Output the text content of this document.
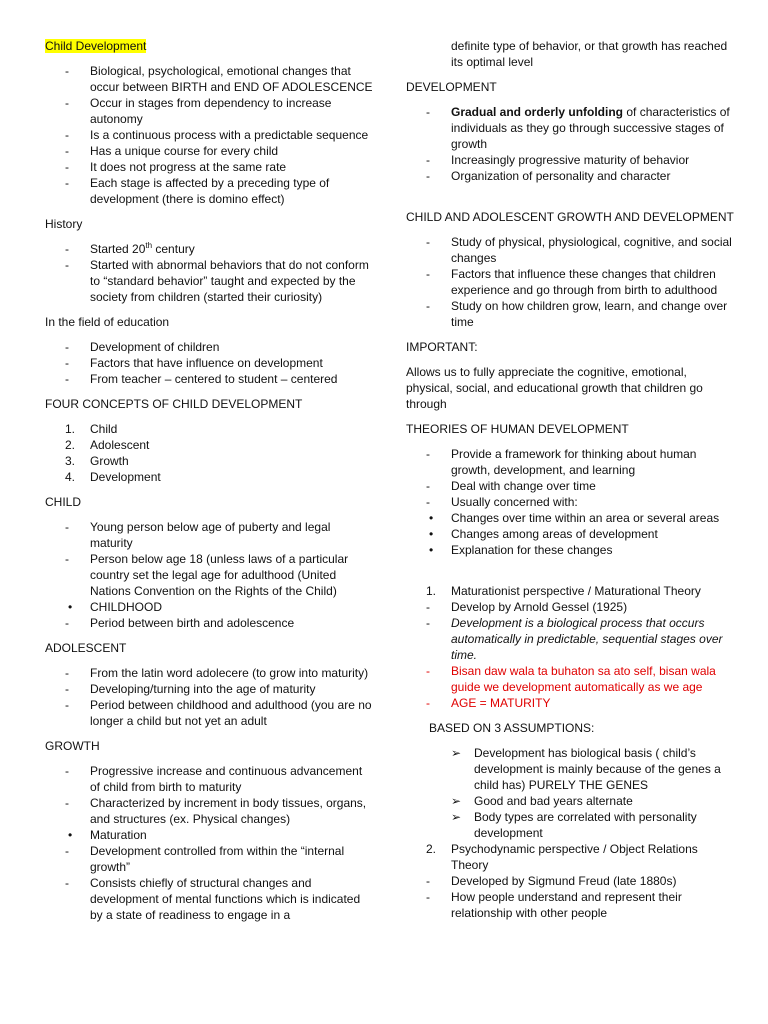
Child Development
- Biological, psychological, emotional changes that occur between BIRTH and END OF ADOLESCENCE
- Occur in stages from dependency to increase autonomy
- Is a continuous process with a predictable sequence
- Has a unique course for every child
- It does not progress at the same rate
- Each stage is affected by a preceding type of development (there is domino effect)
History
- Started 20th century
- Started with abnormal behaviors that do not conform to “standard behavior” taught and expected by the society from children (started their curiosity)
In the field of education
- Development of children
- Factors that have influence on development
- From teacher – centered to student – centered
FOUR CONCEPTS OF CHILD DEVELOPMENT
1. Child
2. Adolescent
3. Growth
4. Development
CHILD
- Young person below age of puberty and legal maturity
- Person below age 18 (unless laws of a particular country set the legal age for adulthood (United Nations Convention on the Rights of the Child)
• CHILDHOOD
- Period between birth and adolescence
ADOLESCENT
- From the latin word adolecere (to grow into maturity)
- Developing/turning into the age of maturity
- Period between childhood and adulthood (you are no longer a child but not yet an adult
GROWTH
- Progressive increase and continuous advancement of child from birth to maturity
- Characterized by increment in body tissues, organs, and structures (ex. Physical changes)
• Maturation
- Development controlled from within the “internal growth”
- Consists chiefly of structural changes and development of mental functions which is indicated by a state of readiness to engage in a
definite type of behavior, or that growth has reached its optimal level
DEVELOPMENT
- Gradual and orderly unfolding of characteristics of individuals as they go through successive stages of growth
- Increasingly progressive maturity of behavior
- Organization of personality and character
CHILD AND ADOLESCENT GROWTH AND DEVELOPMENT
- Study of physical, physiological, cognitive, and social changes
- Factors that influence these changes that children experience and go through from birth to adulthood
- Study on how children grow, learn, and change over time
IMPORTANT:
Allows us to fully appreciate the cognitive, emotional, physical, social, and educational growth that children go through
THEORIES OF HUMAN DEVELOPMENT
- Provide a framework for thinking about human growth, development, and learning
- Deal with change over time
- Usually concerned with:
• Changes over time within an area or several areas
• Changes among areas of development
• Explanation for these changes
1. Maturationist perspective / Maturational Theory
- Develop by Arnold Gessel (1925)
- Development is a biological process that occurs automatically in predictable, sequential stages over time.
- Bisan daw wala ta buhaton sa ato self, bisan wala guide we development automatically as we age
- AGE = MATURITY
BASED ON 3 ASSUMPTIONS:
➢ Development has biological basis ( child’s development is mainly because of the genes a child has) PURELY THE GENES
➢ Good and bad years alternate
➢ Body types are correlated with personality development
2. Psychodynamic perspective / Object Relations Theory
- Developed by Sigmund Freud (late 1880s)
- How people understand and represent their relationship with other people
